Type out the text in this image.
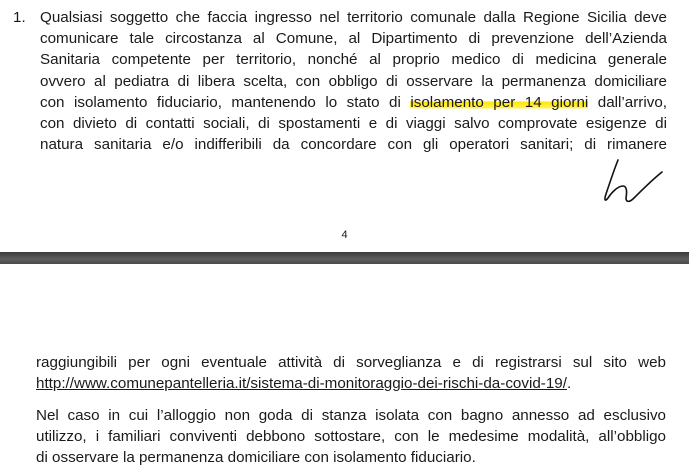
1. Qualsiasi soggetto che faccia ingresso nel territorio comunale dalla Regione Sicilia deve
comunicare tale circostanza al Comune, al Dipartimento di prevenzione dell’Azienda
Sanitaria competente per territorio, nonché al proprio medico di medicina generale
ovvero al pediatra di libera scelta, con obbligo di osservare la permanenza domiciliare
con isolamento fiduciario, mantenendo lo stato di isolamento per 14 giorni dall’arrivo,
con divieto di contatti sociali, di spostamenti e di viaggi salvo comprovate esigenze di
natura sanitaria e/o indifferibili da concordare con gli operatori sanitari; di rimanere
4
raggiungibili per ogni eventuale attività di sorveglianza e di registrarsi sul sito web
http://www.comunepantelleria.it/sistema-di-monitoraggio-dei-rischi-da-covid-19/.
Nel caso in cui l’alloggio non goda di stanza isolata con bagno annesso ad esclusivo
utilizzo, i familiari conviventi debbono sottostare, con le medesime modalità, all’obbligo
di osservare la permanenza domiciliare con isolamento fiduciario.
